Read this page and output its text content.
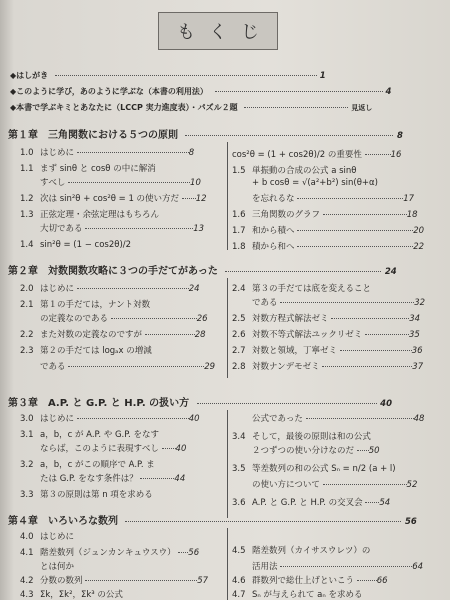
もくじ
◆はしがき	1
◆このように学び，あのように学ぶな（本書の利用法）	4
◆本書で学ぶキミとあなたに（LCCP 実力進度表）・パズル２題	見返し
第１章　三角関数における５つの原則	8
1.0 はじめに	8
1.1 まず sinθ と cosθ の中に解消
すべし	10
1.2 次は sin²θ + cos²θ = 1 の使い方だ 12
1.3 正弦定理・余弦定理はもちろん
大切である	13
1.4 sin²θ = (1 − cos2θ)/2
cos²θ = (1 + cos2θ)/2 の重要性	16
1.5 単振動の合成の公式 a sinθ
+ b cosθ = √(a²+b²) sin(θ+α)
を忘れるな	17
1.6 三角関数のグラフ	18
1.7 和から積へ	20
1.8 積から和へ	22
第２章　対数関数攻略に３つの手だてがあった	24
2.0 はじめに	24
2.1 第１の手だては，ナント対数
の定義なのである	26
2.2 また対数の定義なのですが	28
2.3 第２の手だては logₐx の増減
である	29
2.4 第３の手だては底を変えること
である	32
2.5 対数方程式解法ゼミ	34
2.6 対数不等式解法ユックリゼミ	35
2.7 対数と領域，丁寧ゼミ	36
2.8 対数ナンデモゼミ	37
第３章　A.P. と G.P. と H.P. の扱い方	40
3.0 はじめに	40
3.1 a，b，c が A.P. や G.P. をなす
ならば，このように表現すべし 40
3.2 a，b，c がこの順序で A.P. ま
たは G.P. をなす条件は？	44
3.3 第３の原則は第 n 項を求める
公式であった	48
3.4 そして，最後の原則は和の公式
２つずつの使い分けなのだ 50
3.5 等差数列の和の公式 Sₙ = n/2 (a + l)
の使い方について	52
3.6 A.P. と G.P. と H.P. の交叉会 54
第４章　いろいろな数列	56
4.0 はじめに
4.1 階差数列（ジュンカンキュウスウ） 56
とは何か
4.2 分数の数列	57
4.3 Σk，Σk²，Σk³ の公式
4.5 階差数列（カイサスウレツ）の
活用法	64
4.6 群数列で総仕上げといこう	66
4.7 Sₙ が与えられて aₙ を求める
